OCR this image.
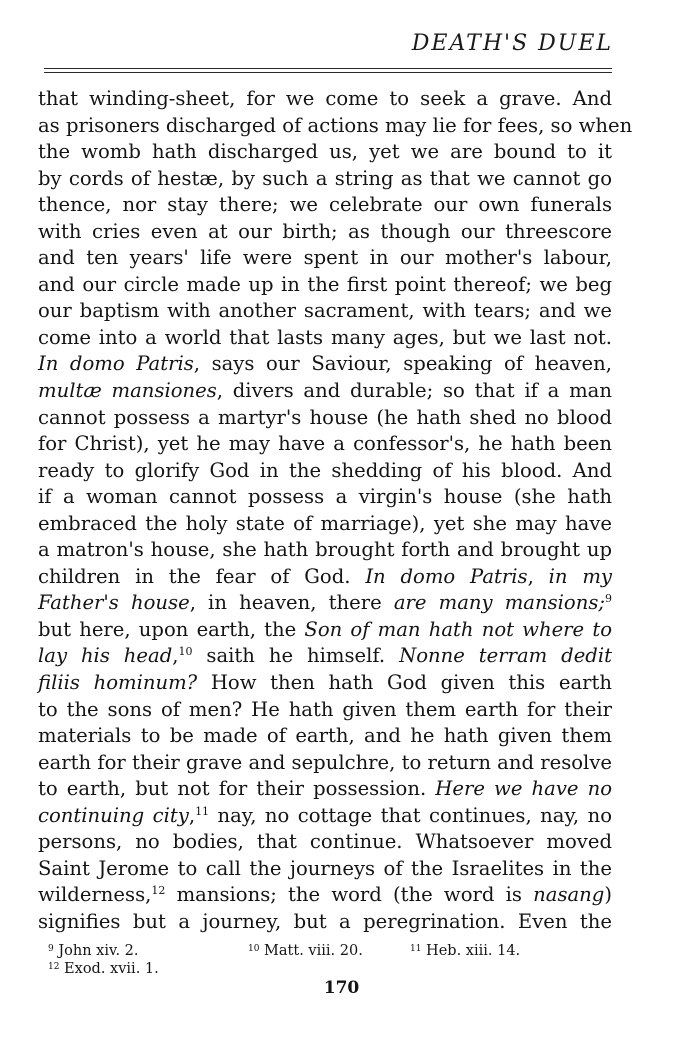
DEATH'S DUEL
that winding-sheet, for we come to seek a grave. And
as prisoners discharged of actions may lie for fees, so when
the womb hath discharged us, yet we are bound to it
by cords of hestæ, by such a string as that we cannot go
thence, nor stay there; we celebrate our own funerals
with cries even at our birth; as though our threescore
and ten years' life were spent in our mother's labour,
and our circle made up in the first point thereof; we beg
our baptism with another sacrament, with tears; and we
come into a world that lasts many ages, but we last not.
In domo Patris, says our Saviour, speaking of heaven,
multæ mansiones, divers and durable; so that if a man
cannot possess a martyr's house (he hath shed no blood
for Christ), yet he may have a confessor's, he hath been
ready to glorify God in the shedding of his blood. And
if a woman cannot possess a virgin's house (she hath
embraced the holy state of marriage), yet she may have
a matron's house, she hath brought forth and brought up
children in the fear of God. In domo Patris, in my
Father's house, in heaven, there are many mansions;$^9$
but here, upon earth, the Son of man hath not where to
lay his head,$^{10}$ saith he himself. Nonne terram dedit
filiis hominum? How then hath God given this earth
to the sons of men? He hath given them earth for their
materials to be made of earth, and he hath given them
earth for their grave and sepulchre, to return and resolve
to earth, but not for their possession. Here we have no
continuing city,$^{11}$ nay, no cottage that continues, nay, no
persons, no bodies, that continue. Whatsoever moved
Saint Jerome to call the journeys of the Israelites in the
wilderness,$^{12}$ mansions; the word (the word is nasang)
signifies but a journey, but a peregrination. Even the
$^9$ John xiv. 2.	$^{10}$ Matt. viii. 20.	$^{11}$ Heb. xiii. 14.
$^{12}$ Exod. xvii. 1.
170
